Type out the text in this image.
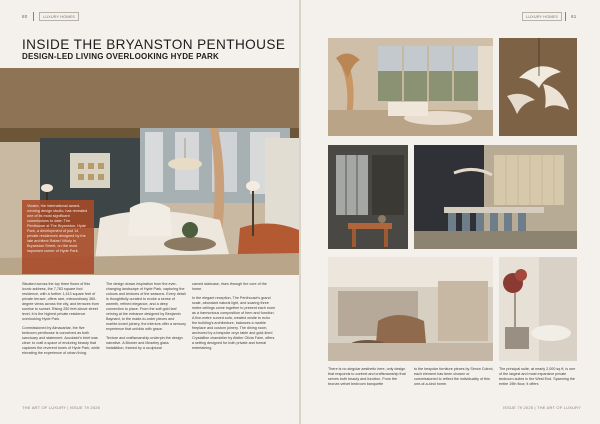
80	LUXURY HOMES
INSIDE THE BRYANSTON PENTHOUSE
DESIGN-LED LIVING OVERLOOKING HYDE PARK
Vicaire, the international award-winning design studio, has revealed one of its most significant commissions to date: The Penthouse at The Bryanston, Hyde Park, a development of just 14 private residences designed by the late architect Rafael Viñoly in Bryanston Street, on the most important corner of Hyde Park.

Situated across the top three floors of this iconic address, the 7,783 square foot residence, with a further 1,413 square feet of private terrace, offers rare, extraordinary 360-degree views across the city, and terraces from sunrise to sunset. Rising 250 feet above street level, it is the highest private residence overlooking Hyde Park.

Commissioned by Almacantar, the five bedroom penthouse is conceived as both sanctuary and statement. Accolade's brief was clear: to craft a space of enduring beauty that captures the reverent tones of Hyde Park, while elevating the experience of urban living.

The design draws inspiration from the ever-changing landscape of Hyde Park, capturing the colours and textures of the seasons. Every detail is thoughtfully curated to evoke a sense of warmth, refined elegance, and a deep connection to place. From the soft gold leaf veining at the entrance designed by Benjamin Baynard, to the made-to-order pieces and marble-toned joinery, the interiors offer a sensory experience that unfolds with grace.

Texture and craftsmanship underpin the design narrative. A Blomer and Moseley glass installation, framed by a sculptural

carved staircase, rises through the core of the home.

In the elegant reception, The Penthouse's grand scale, abundant natural light, and soaring three metre ceilings come together to present each room as a harmonious composition of form and function. A five-metre curved sofa, created onsite to echo the building's architecture, balances a marble fireplace and custom joinery. The dining room, anchored by a bespoke onyx table and gold-lined Crystalline chandelier by Atelier Olivia Faire, offers a setting designed for both private and formal entertaining.

THE ART OF LUXURY | ISSUE 79 2025
LUXURY HOMES	81
There is no singular aesthetic here, only design that responds to context and craftsmanship that serves both beauty and function. From the bronze-velvet bedroom banquette
to the bespoke furniture pieces by Simon Colnot, each element has been chosen or commissioned to reflect the individuality of this one-of-a-kind home.
The principal suite, at nearly 2,000 sq ft, is one of the largest and most expansive private bedroom suites in the West End. Spanning the entire 19th floor, it offers
ISSUE 79 2025 | THE ART OF LUXURY
